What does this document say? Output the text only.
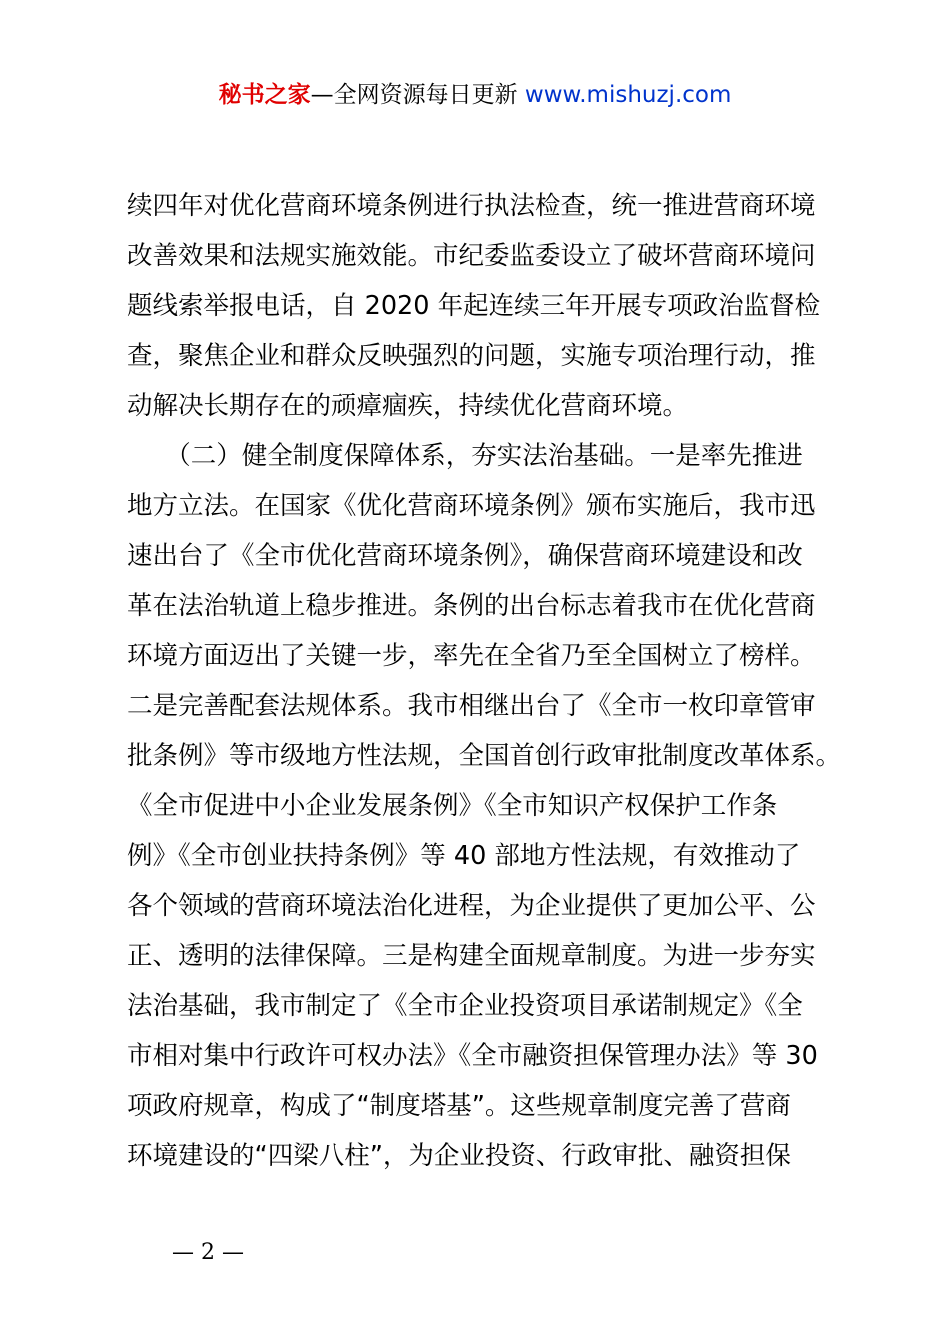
秘书之家—全网资源每日更新 www.mishuzj.com
续四年对优化营商环境条例进行执法检查，统一推进营商环境
改善效果和法规实施效能。市纪委监委设立了破坏营商环境问
题线索举报电话，自 2020 年起连续三年开展专项政治监督检
查，聚焦企业和群众反映强烈的问题，实施专项治理行动，推
动解决长期存在的顽瘴痼疾，持续优化营商环境。
　　（二）健全制度保障体系，夯实法治基础。一是率先推进
地方立法。在国家《优化营商环境条例》颁布实施后，我市迅
速出台了《全市优化营商环境条例》，确保营商环境建设和改
革在法治轨道上稳步推进。条例的出台标志着我市在优化营商
环境方面迈出了关键一步，率先在全省乃至全国树立了榜样。
二是完善配套法规体系。我市相继出台了《全市一枚印章管审
批条例》等市级地方性法规，全国首创行政审批制度改革体系。
《全市促进中小企业发展条例》《全市知识产权保护工作条
例》《全市创业扶持条例》等 40 部地方性法规，有效推动了
各个领域的营商环境法治化进程，为企业提供了更加公平、公
正、透明的法律保障。三是构建全面规章制度。为进一步夯实
法治基础，我市制定了《全市企业投资项目承诺制规定》《全
市相对集中行政许可权办法》《全市融资担保管理办法》等 30
项政府规章，构成了“制度塔基”。这些规章制度完善了营商
环境建设的“四梁八柱”，为企业投资、行政审批、融资担保
— 2 —
